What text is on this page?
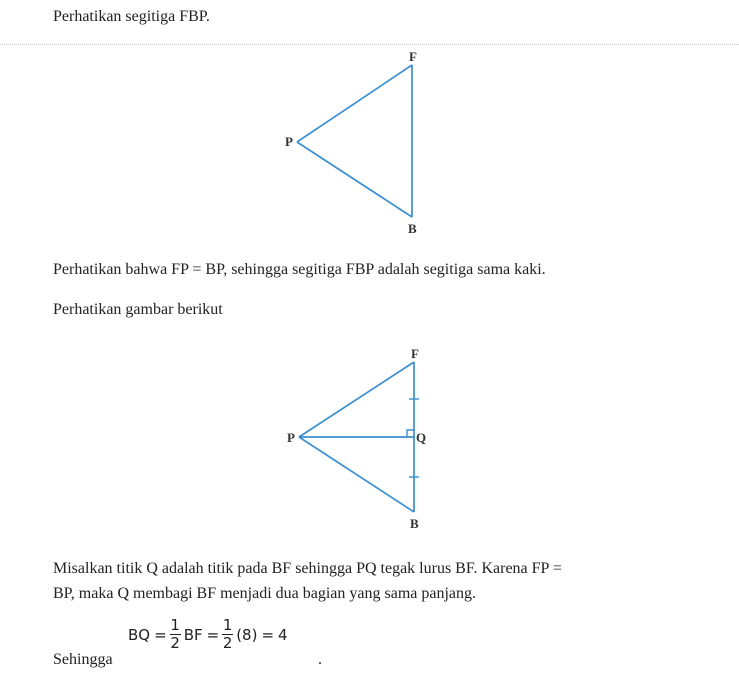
Perhatikan segitiga FBP.
F
P
B
Perhatikan bahwa FP = BP, sehingga segitiga FBP adalah segitiga sama kaki.
Perhatikan gambar berikut
F
P	Q
B
Misalkan titik Q adalah titik pada BF sehingga PQ tegak lurus BF. Karena FP =
BP, maka Q membagi BF menjadi dua bagian yang sama panjang.
Sehingga
BQ = $\frac{1}{2}$ BF = $\frac{1}{2} (8) = 4$
.
